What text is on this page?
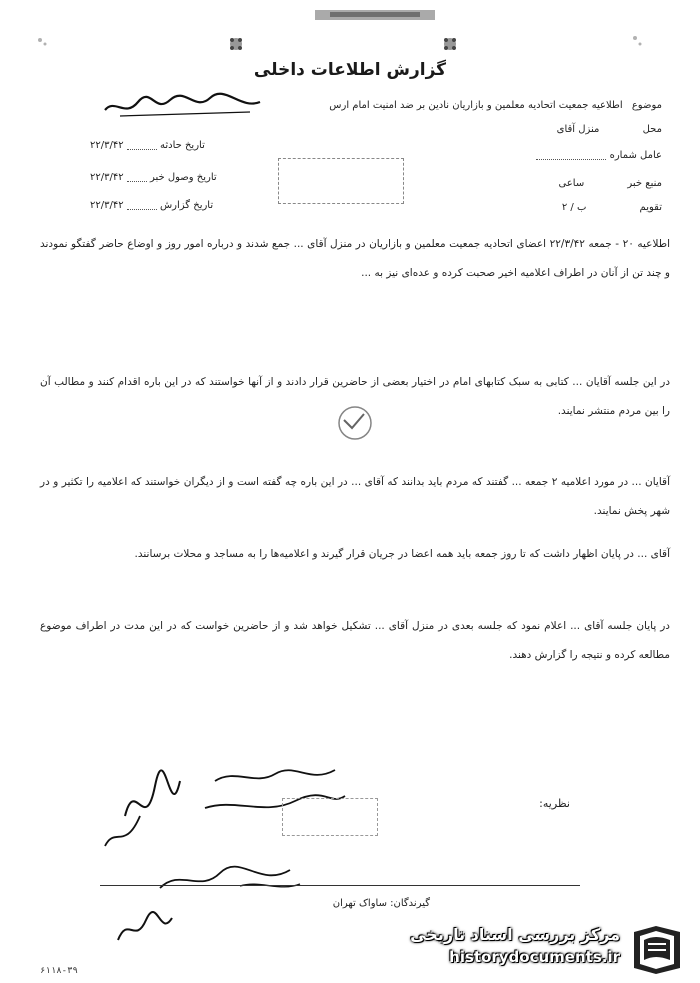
گزارش اطلاعات داخلی
موضوع اطلاعیه جمعیت اتحادیه معلمین و بازاریان نادین بر ضد امنیت امام ارس
محل منزل آقای
عامل شماره
منبع خبر ساعی
تقویم ب / ۲
تاریخ حادثه  ۲۲/۳/۴۲
تاریخ وصول خبر  ۲۲/۳/۴۲
تاریخ گزارش  ۲۲/۳/۴۲
اطلاعیه ۲۰ - جمعه ۲۲/۳/۴۲ اعضای اتحادیه جمعیت معلمین و بازاریان در منزل آقای ... جمع شدند و درباره امور روز و اوضاع حاضر گفتگو نمودند و چند تن از آنان در اطراف اعلامیه اخیر صحبت کرده و عده‌ای نیز به ...
در این جلسه آقایان ... کتابی به سبک کتابهای امام در اختیار بعضی از حاضرین قرار دادند و از آنها خواستند که در این باره اقدام کنند و مطالب آن را بین مردم منتشر نمایند.
آقایان ... در مورد اعلامیه ۲ جمعه ... گفتند که مردم باید بدانند که آقای ... در این باره چه گفته است و از دیگران خواستند که اعلامیه را تکثیر و در شهر پخش نمایند.
آقای ... در پایان اظهار داشت که تا روز جمعه باید همه اعضا در جریان قرار گیرند و اعلامیه‌ها را به مساجد و محلات برسانند.
در پایان جلسه آقای ... اعلام نمود که جلسه بعدی در منزل آقای ... تشکیل خواهد شد و از حاضرین خواست که در این مدت در اطراف موضوع مطالعه کرده و نتیجه را گزارش دهند.
نظریه:
گیرندگان: ساواک تهران
مرکز بررسی اسناد تاریخی
historydocuments.ir
۶۱۱۸-۳۹
